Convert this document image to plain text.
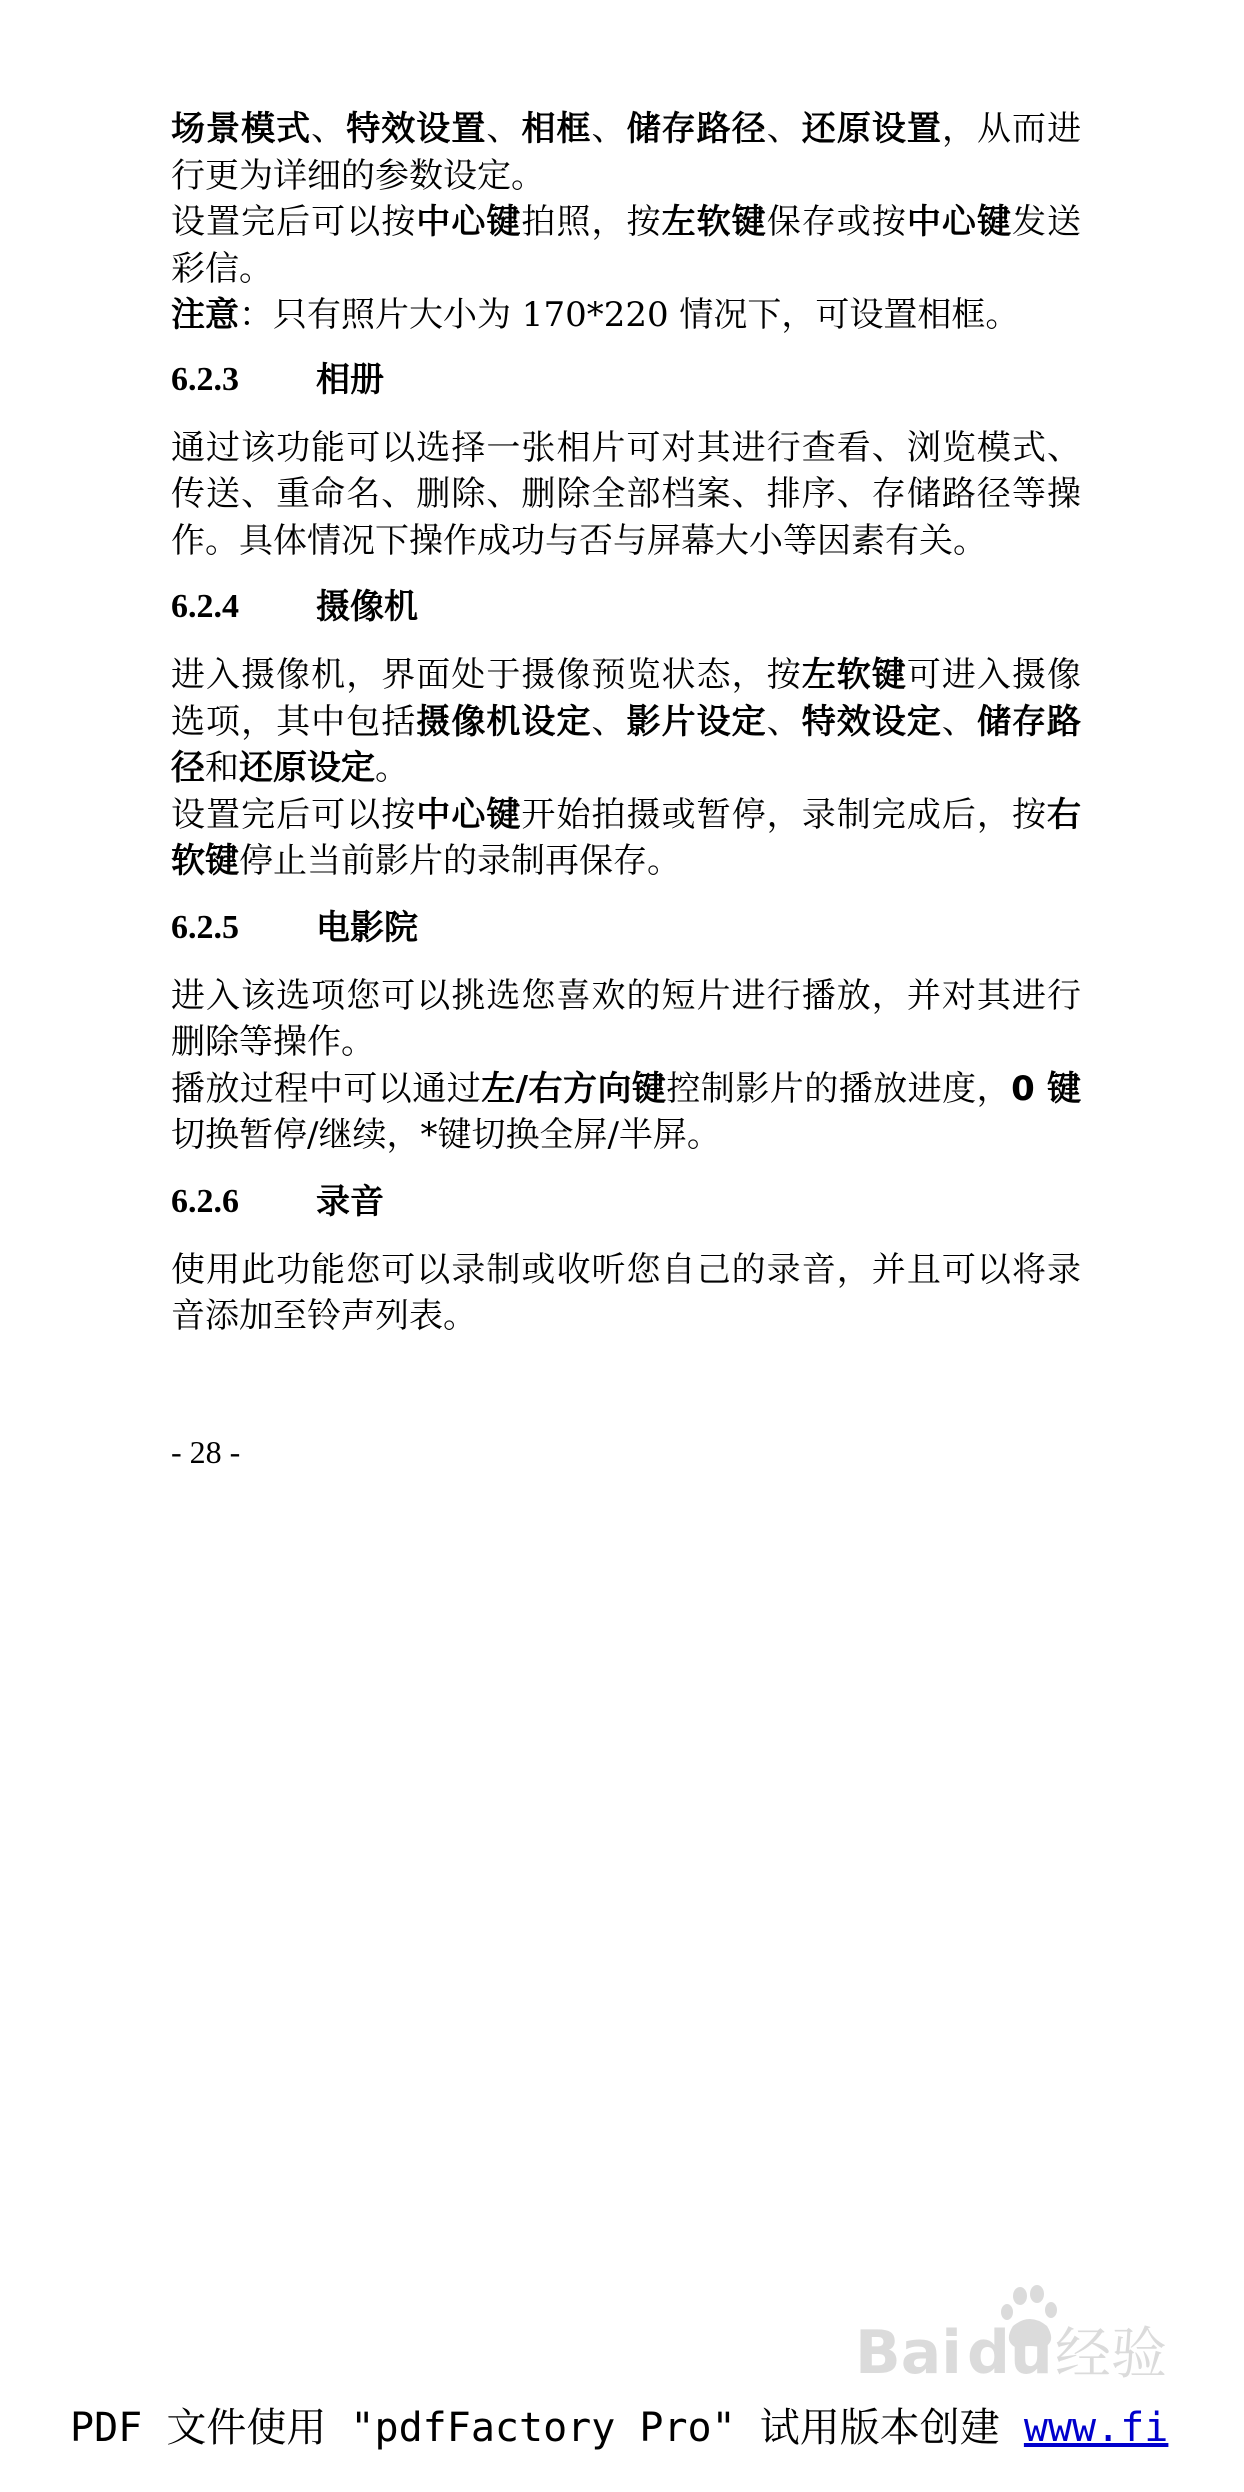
场景模式、特效设置、相框、储存路径、还原设置，从而进行更为详细的参数设定。

设置完后可以按中心键拍照，按左软键保存或按中心键发送彩信。

注意：只有照片大小为 170*220 情况下，可设置相框。

6.2.3	相册

通过该功能可以选择一张相片可对其进行查看、浏览模式、传送、重命名、删除、删除全部档案、排序、存储路径等操作。具体情况下操作成功与否与屏幕大小等因素有关。

6.2.4	摄像机

进入摄像机，界面处于摄像预览状态，按左软键可进入摄像选项，其中包括摄像机设定、影片设定、特效设定、储存路径和还原设定。

设置完后可以按中心键开始拍摄或暂停，录制完成后，按右软键停止当前影片的录制再保存。

6.2.5	电影院

进入该选项您可以挑选您喜欢的短片进行播放，并对其进行删除等操作。

播放过程中可以通过左/右方向键控制影片的播放进度，0 键切换暂停/继续，*键切换全屏/半屏。

6.2.6	录音

使用此功能您可以录制或收听您自己的录音，并且可以将录音添加至铃声列表。

- 28 -
Bai du 经验
PDF 文件使用 "pdfFactory Pro" 试用版本创建 www.fi
